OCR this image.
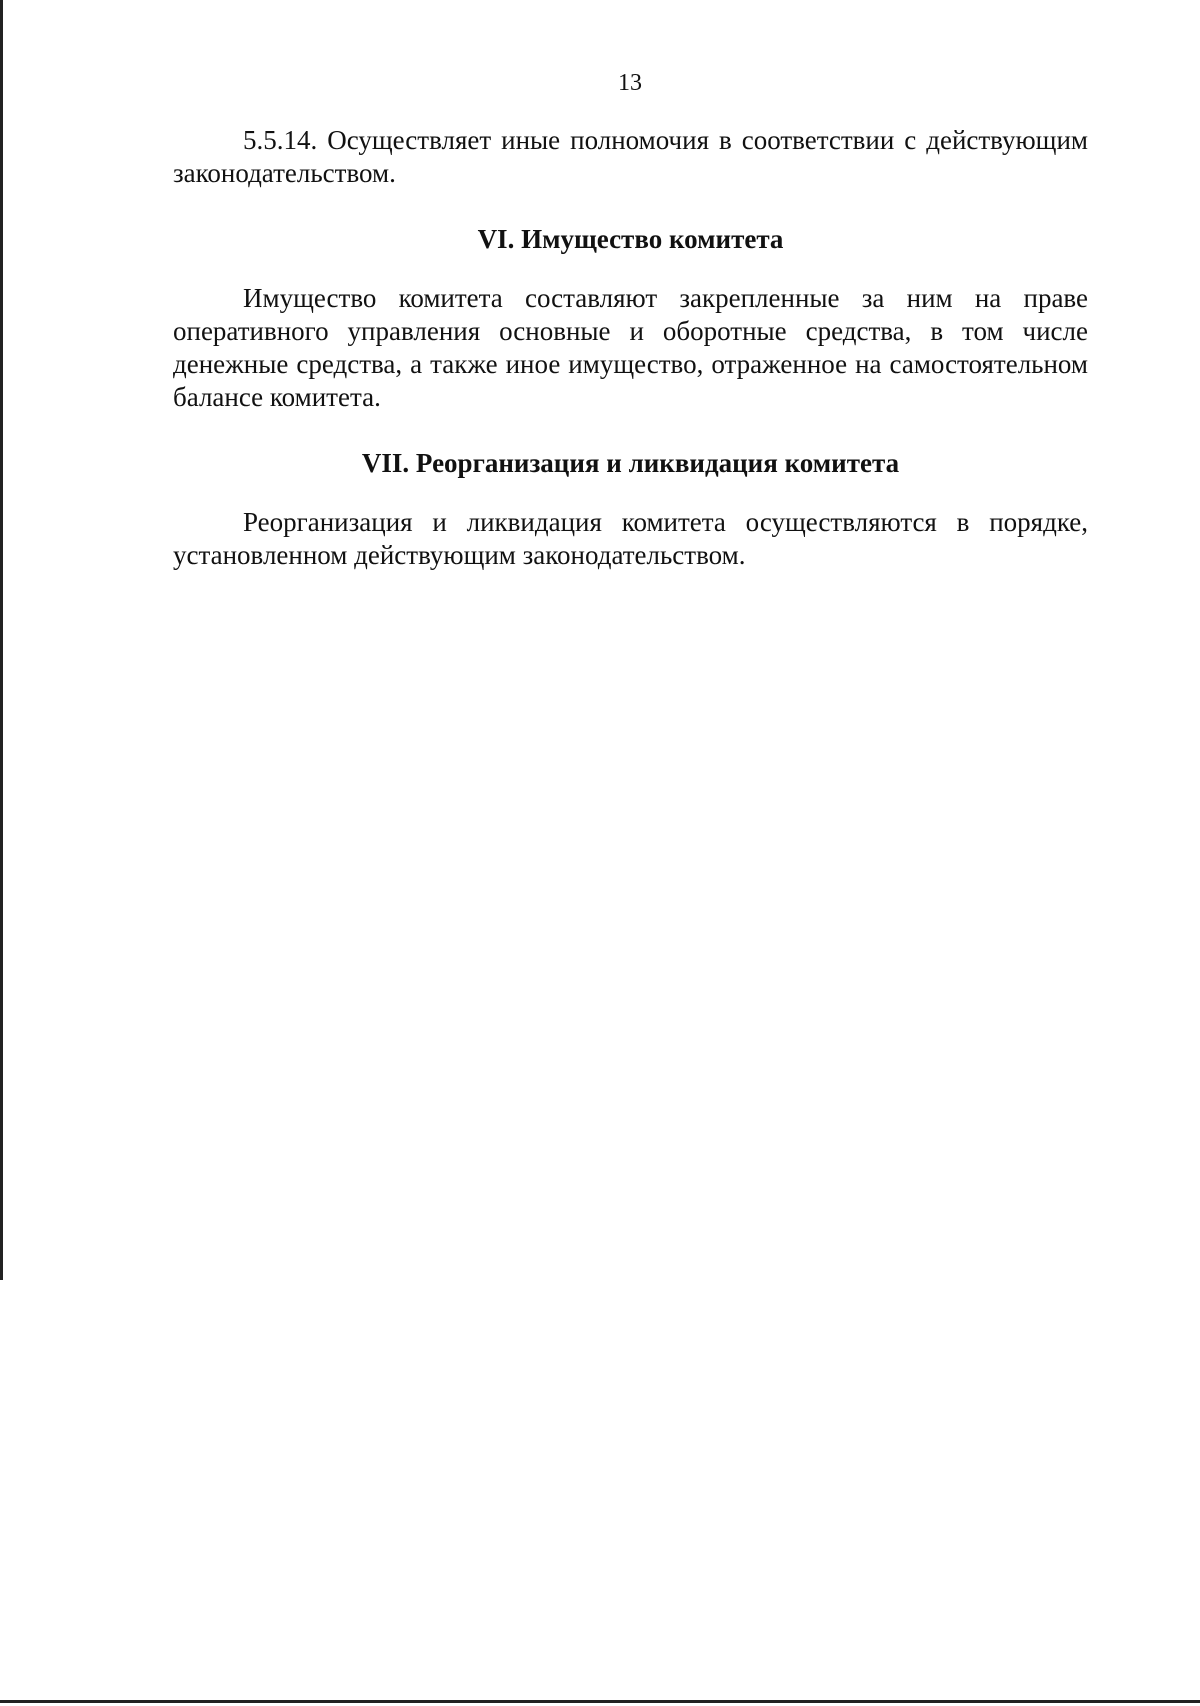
13

5.5.14. Осуществляет иные полномочия в соответствии с действующим законодательством.

VI. Имущество комитета

Имущество комитета составляют закрепленные за ним на праве оперативного управления основные и оборотные средства, в том числе денежные средства, а также иное имущество, отраженное на самостоятельном балансе комитета.

VII. Реорганизация и ликвидация комитета

Реорганизация и ликвидация комитета осуществляются в порядке, установленном действующим законодательством.
